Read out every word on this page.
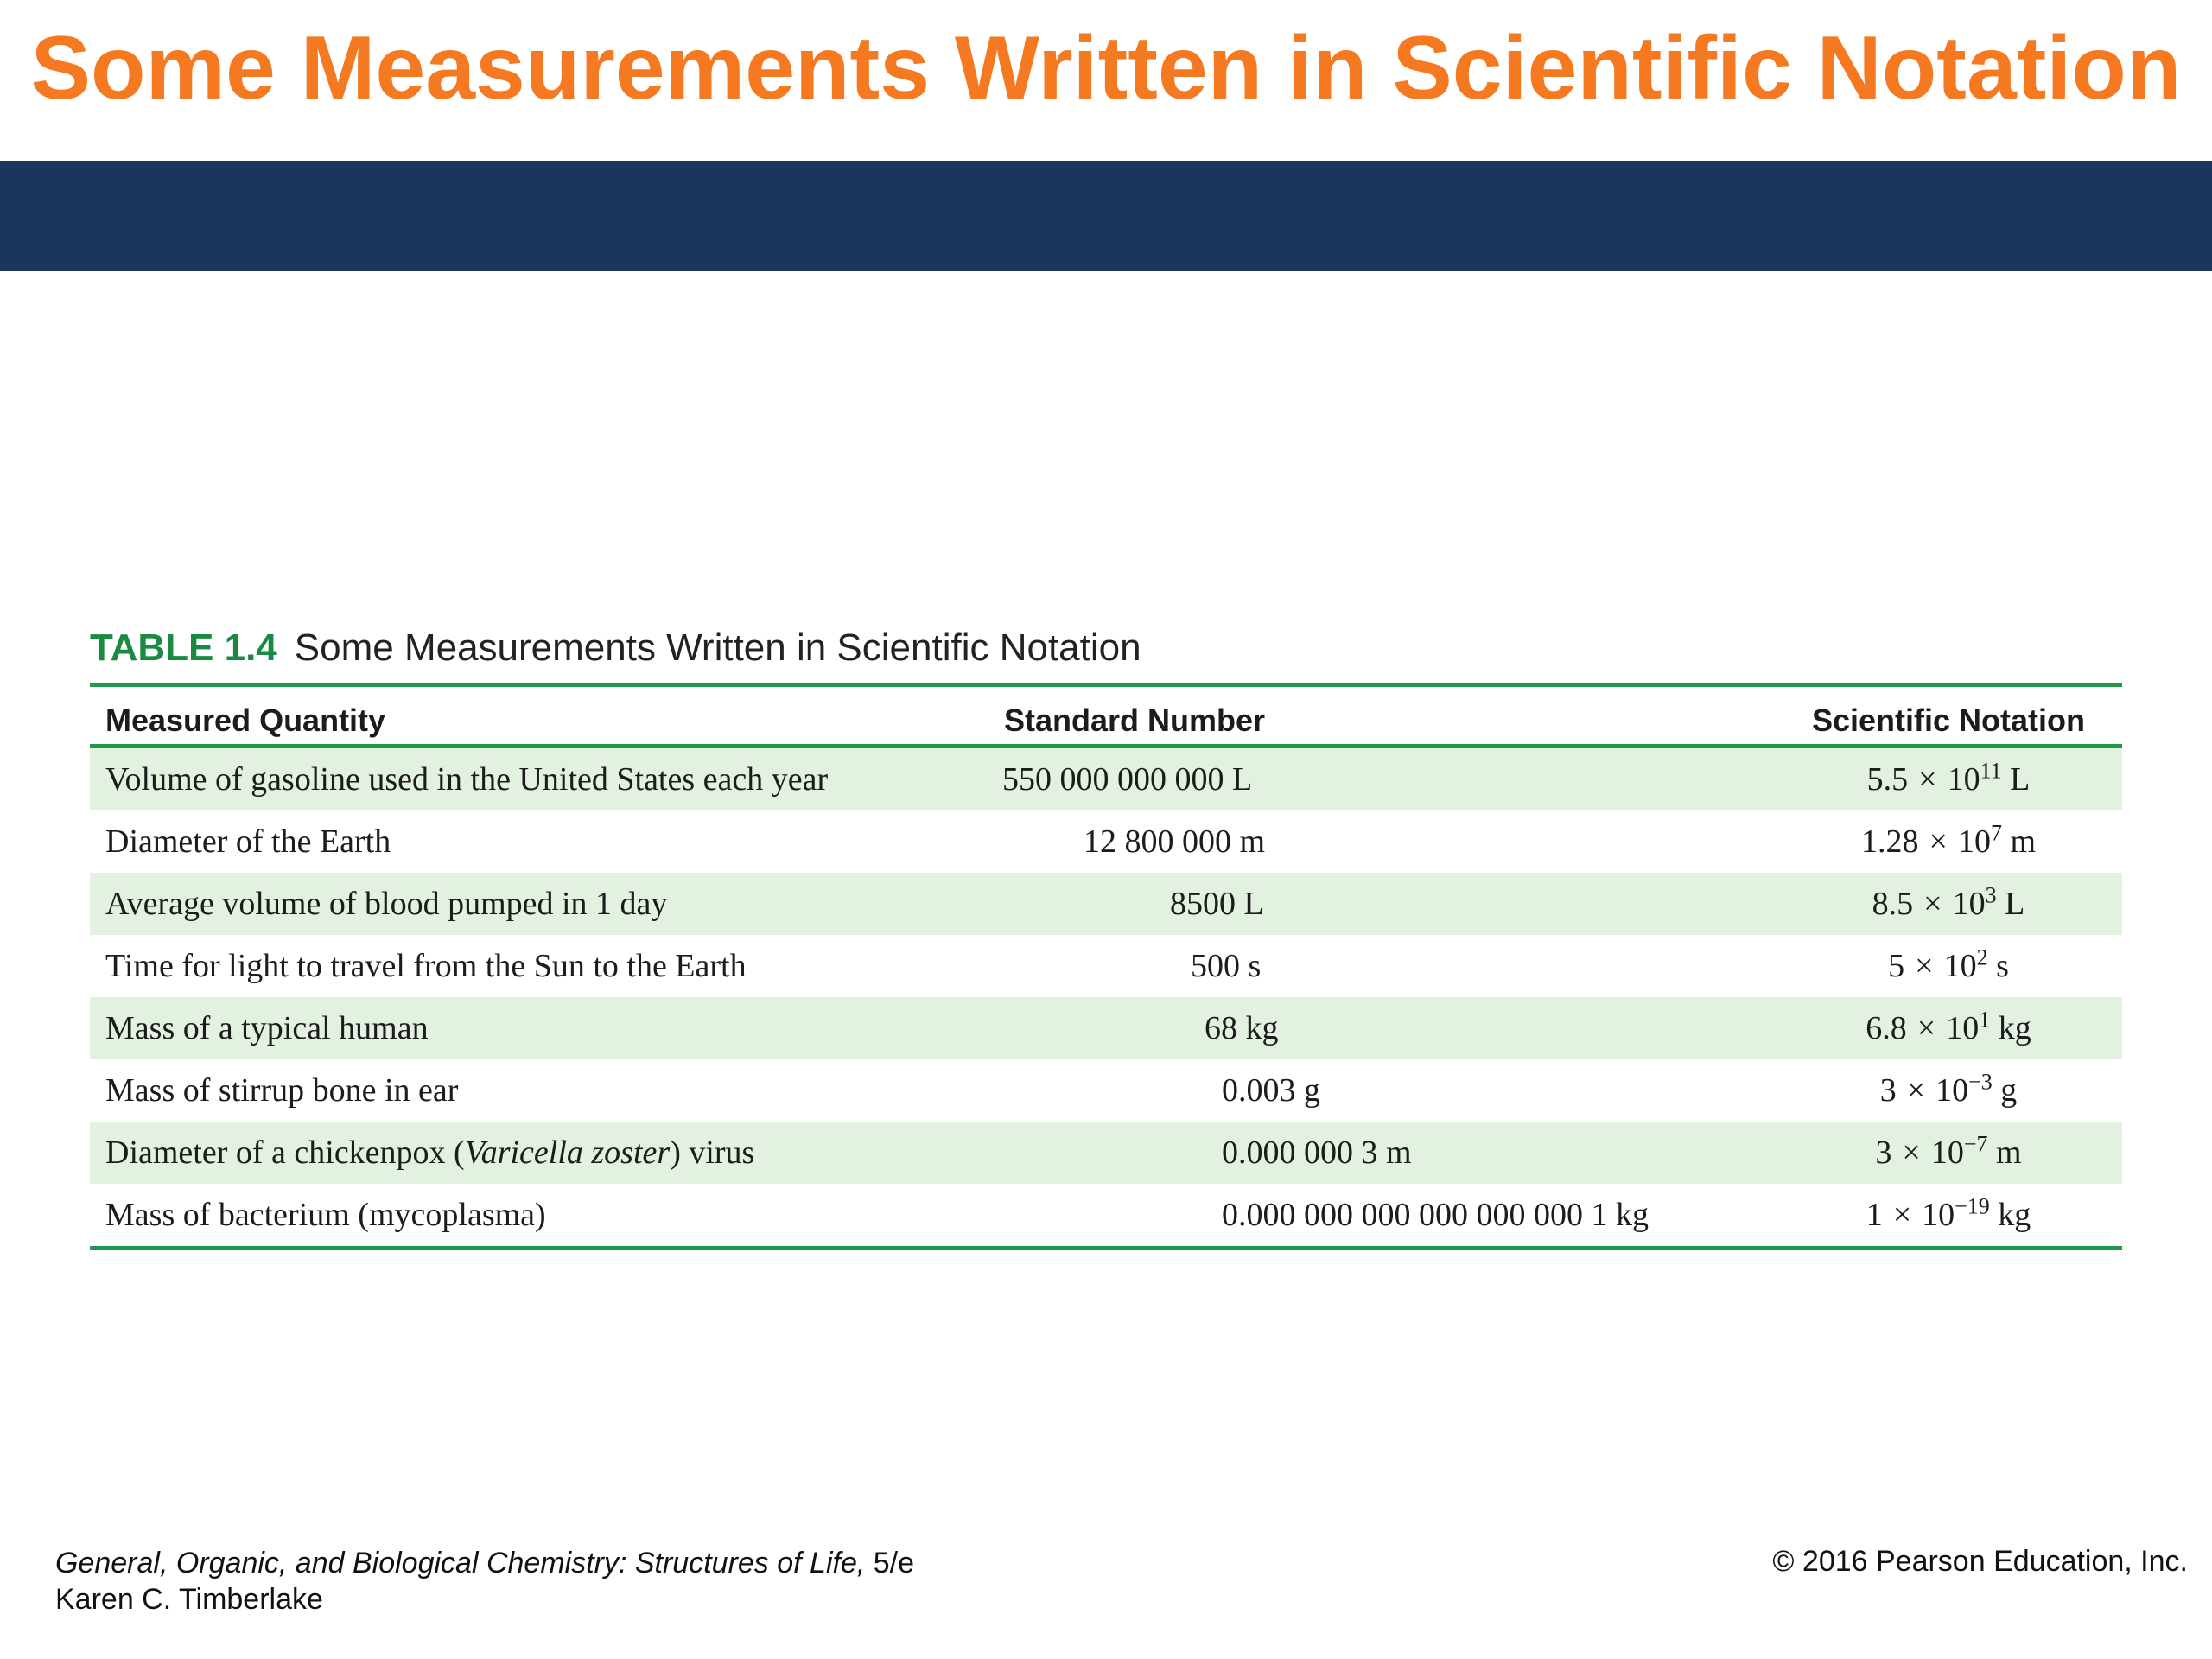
Some Measurements Written in Scientific Notation
TABLE 1.4 Some Measurements Written in Scientific Notation
Measured Quantity	Standard Number	Scientific Notation
Volume of gasoline used in the United States each year	550 000 000 000 L	$5.5 \times 10^{11}$ L
Diameter of the Earth	12 800 000 m	$1.28 \times 10^7$ m
Average volume of blood pumped in 1 day	8500 L	$8.5 \times 10^3$ L
Time for light to travel from the Sun to the Earth	500 s	$5 \times 10^2$ s
Mass of a typical human	68 kg	$6.8 \times 10^1$ kg
Mass of stirrup bone in ear	0.003 g	$3 \times 10^{-3}$ g
Diameter of a chickenpox (Varicella zoster) virus	0.000 000 3 m	$3 \times 10^{-7}$ m
Mass of bacterium (mycoplasma)	0.000 000 000 000 000 000 1 kg	$1 \times 10^{-19}$ kg
General, Organic, and Biological Chemistry: Structures of Life, 5/e
Karen C. Timberlake
© 2016 Pearson Education, Inc.
